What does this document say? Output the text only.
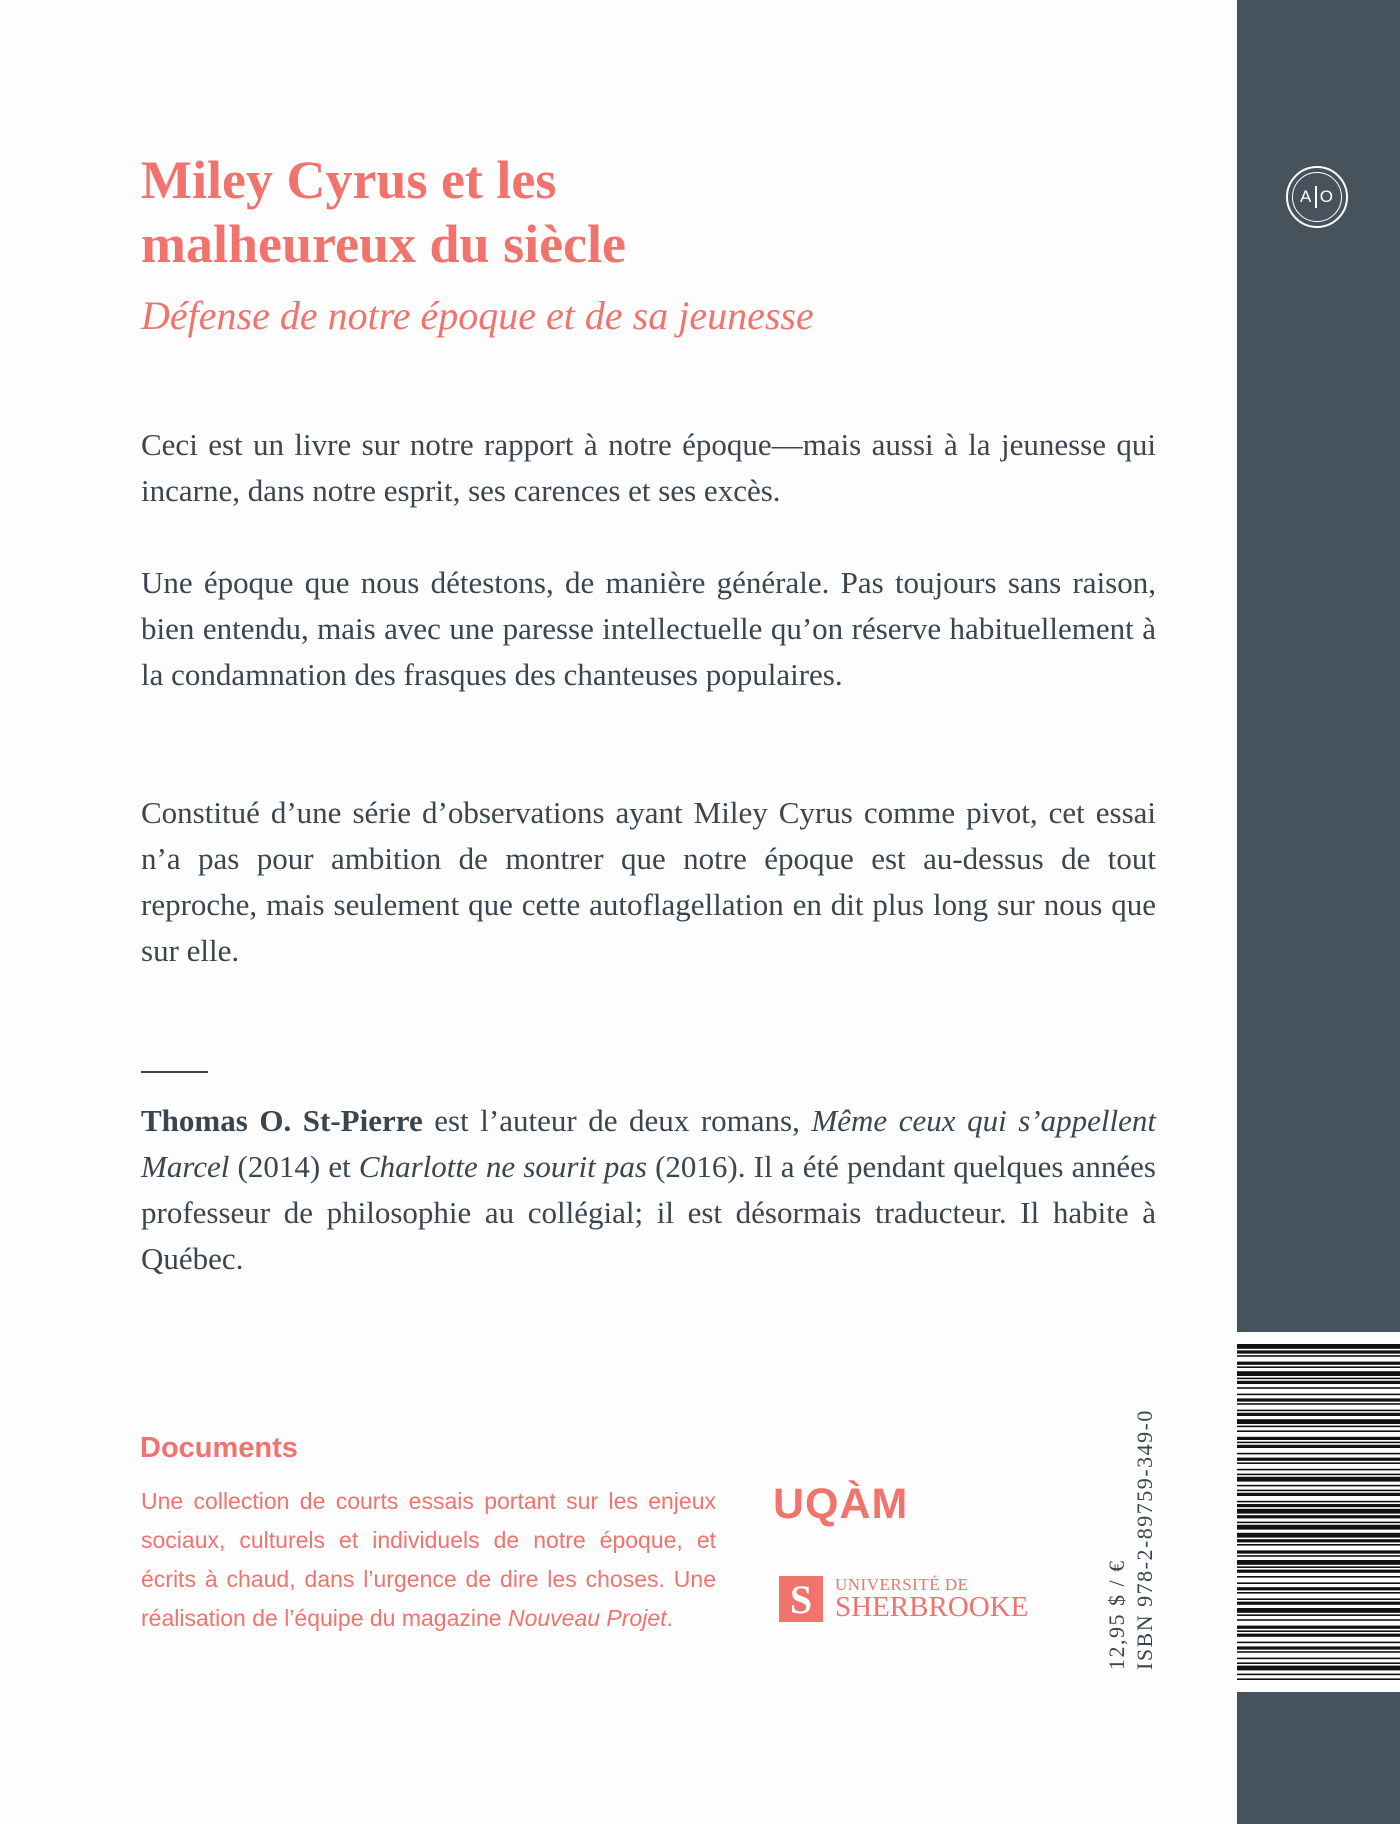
A O
Miley Cyrus et les
malheureux du siècle
Défense de notre époque et de sa jeunesse
Ceci est un livre sur notre rapport à notre époque—mais aussi à la jeunesse qui incarne, dans notre esprit, ses carences et ses excès.
Une époque que nous détestons, de manière générale. Pas toujours sans raison, bien entendu, mais avec une paresse intellectuelle qu’on réserve habituellement à la condamnation des frasques des chanteuses populaires.
Constitué d’une série d’observations ayant Miley Cyrus comme pivot, cet essai n’a pas pour ambition de montrer que notre époque est au-dessus de tout reproche, mais seulement que cette autoflagellation en dit plus long sur nous que sur elle.
Thomas O. St-Pierre est l’auteur de deux romans, Même ceux qui s’appellent Marcel (2014) et Charlotte ne sourit pas (2016). Il a été pendant quelques années professeur de philosophie au collégial; il est désormais traducteur. Il habite à Québec.
Documents
Une collection de courts essais portant sur les enjeux sociaux, culturels et individuels de notre époque, et écrits à chaud, dans l’urgence de dire les choses. Une réalisation de l’équipe du magazine Nouveau Projet.
UQÀM
S	UNIVERSITÉ DE
SHERBROOKE	12,95 $ / € ISBN 978-2-89759-349-0
